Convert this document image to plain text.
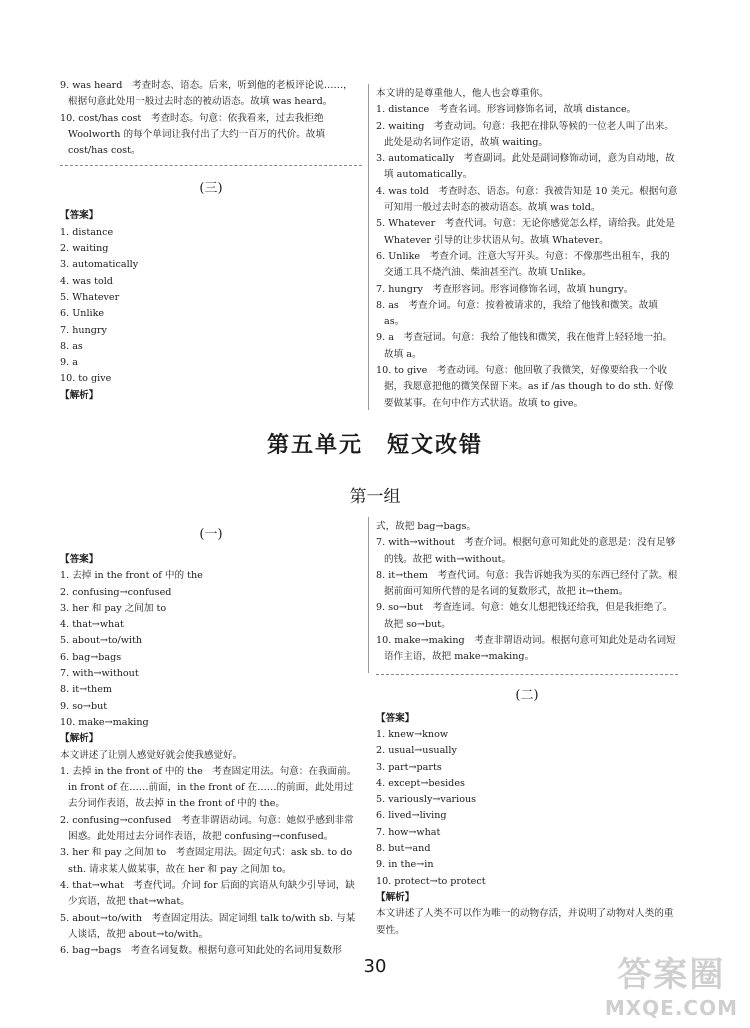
9. was heard　考查时态、语态。后来，听到他的老板评论说……，根据句意此处用一般过去时态的被动语态。故填 was heard。

10. cost/has cost　考查时态。句意：依我看来，过去我拒绝 Woolworth 的每个单词让我付出了大约一百万的代价。故填 cost/has cost。

(三)

【答案】

1. distance

2. waiting

3. automatically

4. was told

5. Whatever

6. Unlike

7. hungry

8. as

9. a

10. to give

【解析】

本文讲的是尊重他人，他人也会尊重你。

1. distance　考查名词。形容词修饰名词，故填 distance。

2. waiting　考查动词。句意：我把在排队等候的一位老人叫了出来。此处是动名词作定语，故填 waiting。

3. automatically　考查副词。此处是副词修饰动词，意为自动地，故填 automatically。

4. was told　考查时态、语态。句意：我被告知是 10 美元。根据句意可知用一般过去时态的被动语态。故填 was told。

5. Whatever　考查代词。句意：无论你感觉怎么样，请给我。此处是 Whatever 引导的让步状语从句。故填 Whatever。

6. Unlike　考查介词。注意大写开头。句意：不像那些出租车，我的交通工具不烧汽油、柴油甚至汽。故填 Unlike。

7. hungry　考查形容词。形容词修饰名词，故填 hungry。

8. as　考查介词。句意：按着被请求的，我给了他钱和微笑。故填 as。

9. a　考查冠词。句意：我给了他钱和微笑，我在他背上轻轻地一拍。故填 a。

10. to give　考查动词。句意：他回敬了我微笑，好像要给我一个收据，我愿意把他的微笑保留下来。as if /as though to do sth. 好像要做某事。在句中作方式状语。故填 to give。

第五单元　短文改错
第一组

(一)

【答案】

1. 去掉 in the front of 中的 the

2. confusing→confused

3. her 和 pay 之间加 to

4. that→what

5. about→to/with

6. bag→bags

7. with→without

8. it→them

9. so→but

10. make→making

【解析】

本文讲述了让别人感觉好就会使我感觉好。

1. 去掉 in the front of 中的 the　考查固定用法。句意：在我面前。in front of 在……前面，in the front of 在……的前面，此处用过去分词作表语，故去掉 in the front of 中的 the。

2. confusing→confused　考查非谓语动词。句意：她似乎感到非常困惑。此处用过去分词作表语，故把 confusing→confused。

3. her 和 pay 之间加 to　考查固定用法。固定句式：ask sb. to do sth. 请求某人做某事，故在 her 和 pay 之间加 to。

4. that→what　考查代词。介词 for 后面的宾语从句缺少引导词，缺少宾语，故把 that→what。

5. about→to/with　考查固定用法。固定词组 talk to/with sb. 与某人谈话，故把 about→to/with。

6. bag→bags　考查名词复数。根据句意可知此处的名词用复数形

式，故把 bag→bags。

7. with→without　考查介词。根据句意可知此处的意思是：没有足够的钱。故把 with→without。

8. it→them　考查代词。句意：我告诉她我为买的东西已经付了款。根据前面可知所代替的是名词的复数形式，故把 it→them。

9. so→but　考查连词。句意：她女儿想把钱还给我，但是我拒绝了。故把 so→but。

10. make→making　考查非谓语动词。根据句意可知此处是动名词短语作主语，故把 make→making。

(二)

【答案】

1. knew→know

2. usual→usually

3. part→parts

4. except→besides

5. variously→various

6. lived→living

7. how→what

8. but→and

9. in the→in

10. protect→to protect

【解析】

本文讲述了人类不可以作为唯一的动物存活，并说明了动物对人类的重要性。

30	答案圈
MXQE.COM
